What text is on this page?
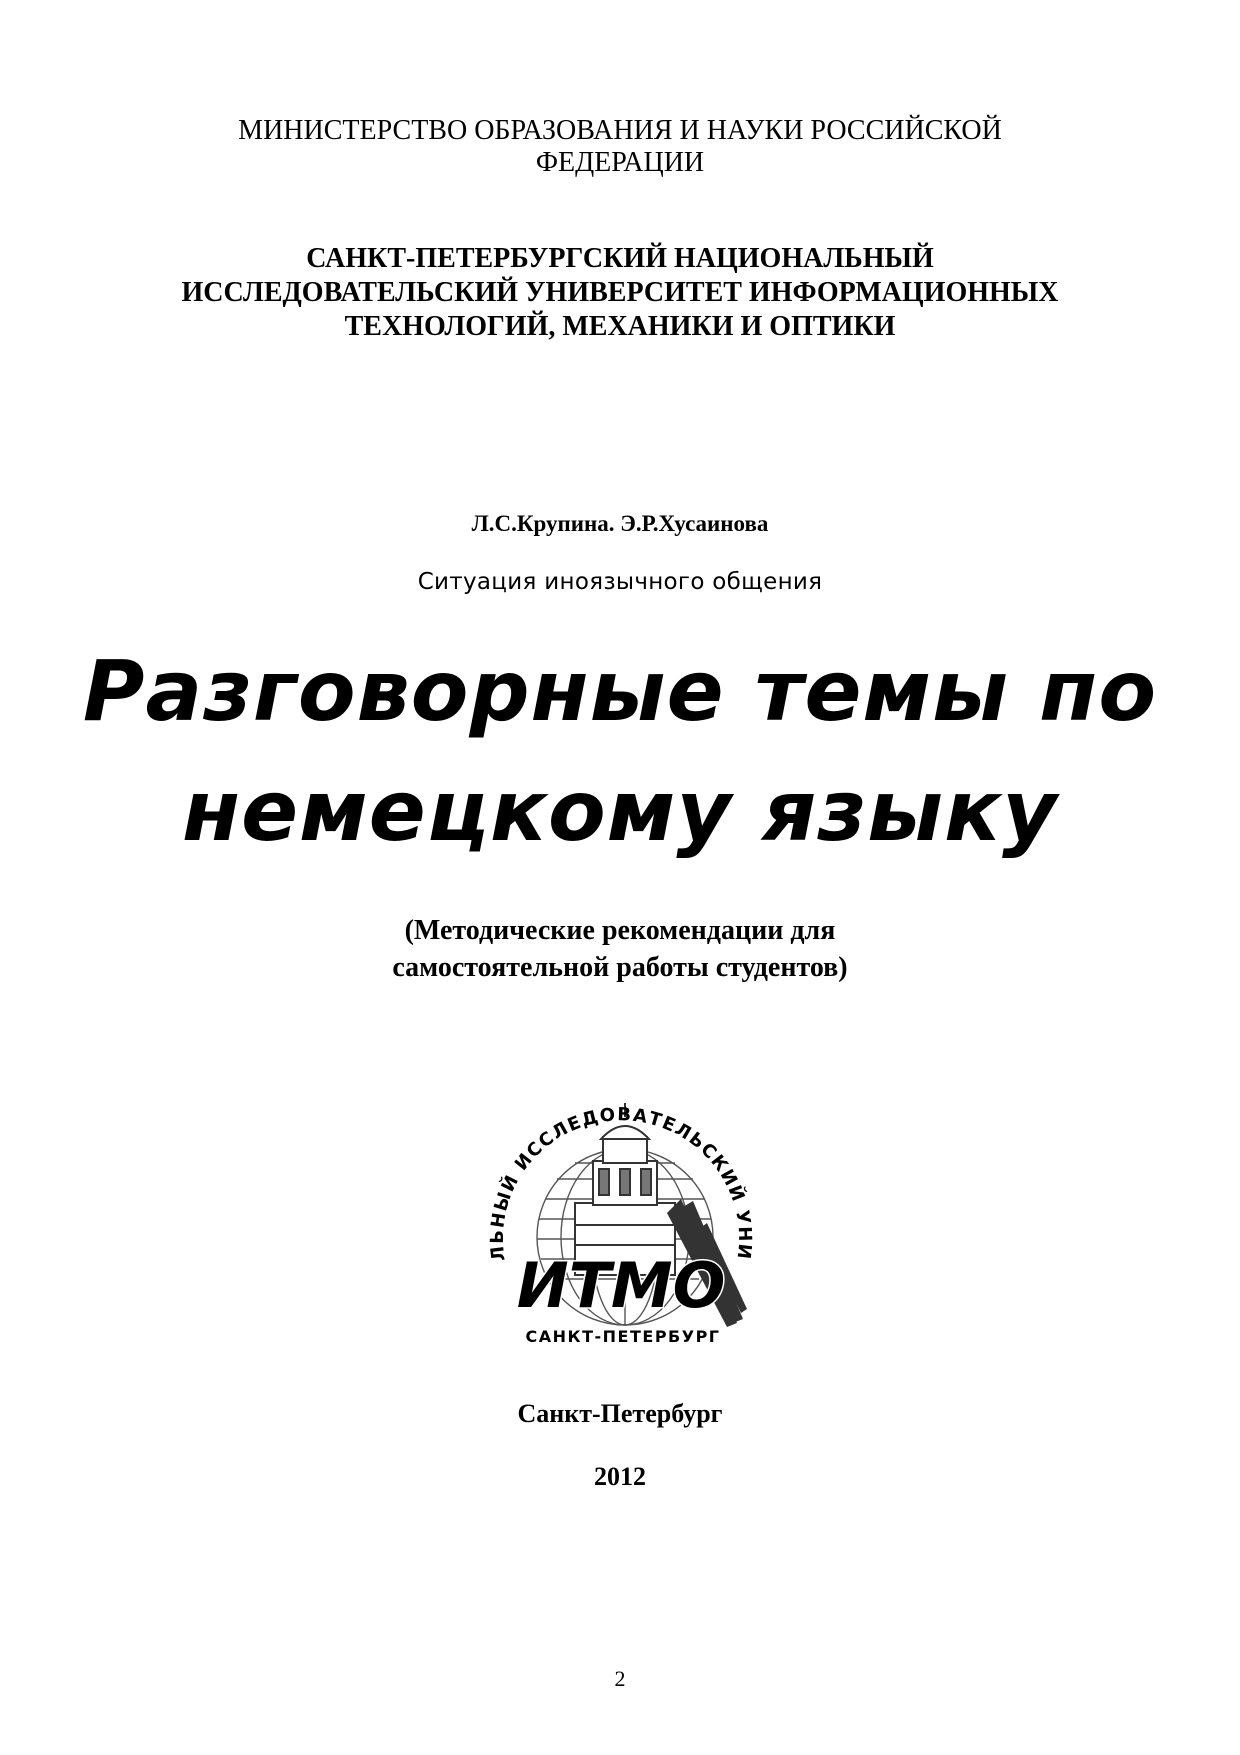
МИНИСТЕРСТВО ОБРАЗОВАНИЯ И НАУКИ РОССИЙСКОЙ
ФЕДЕРАЦИИ
САНКТ-ПЕТЕРБУРГСКИЙ НАЦИОНАЛЬНЫЙ
ИССЛЕДОВАТЕЛЬСКИЙ УНИВЕРСИТЕТ ИНФОРМАЦИОННЫХ
ТЕХНОЛОГИЙ, МЕХАНИКИ И ОПТИКИ
Л.С.Крупина. Э.Р.Хусаинова
Ситуация иноязычного общения
Разговорные темы по
немецкому языку
(Методические рекомендации для
самостоятельной работы студентов)
ЛЬНЫЙ ИССЛЕДОВАТЕЛЬСКИЙ УНИ
ИТМО
САНКТ-ПЕТЕРБУРГ
Санкт-Петербург
2012
2
